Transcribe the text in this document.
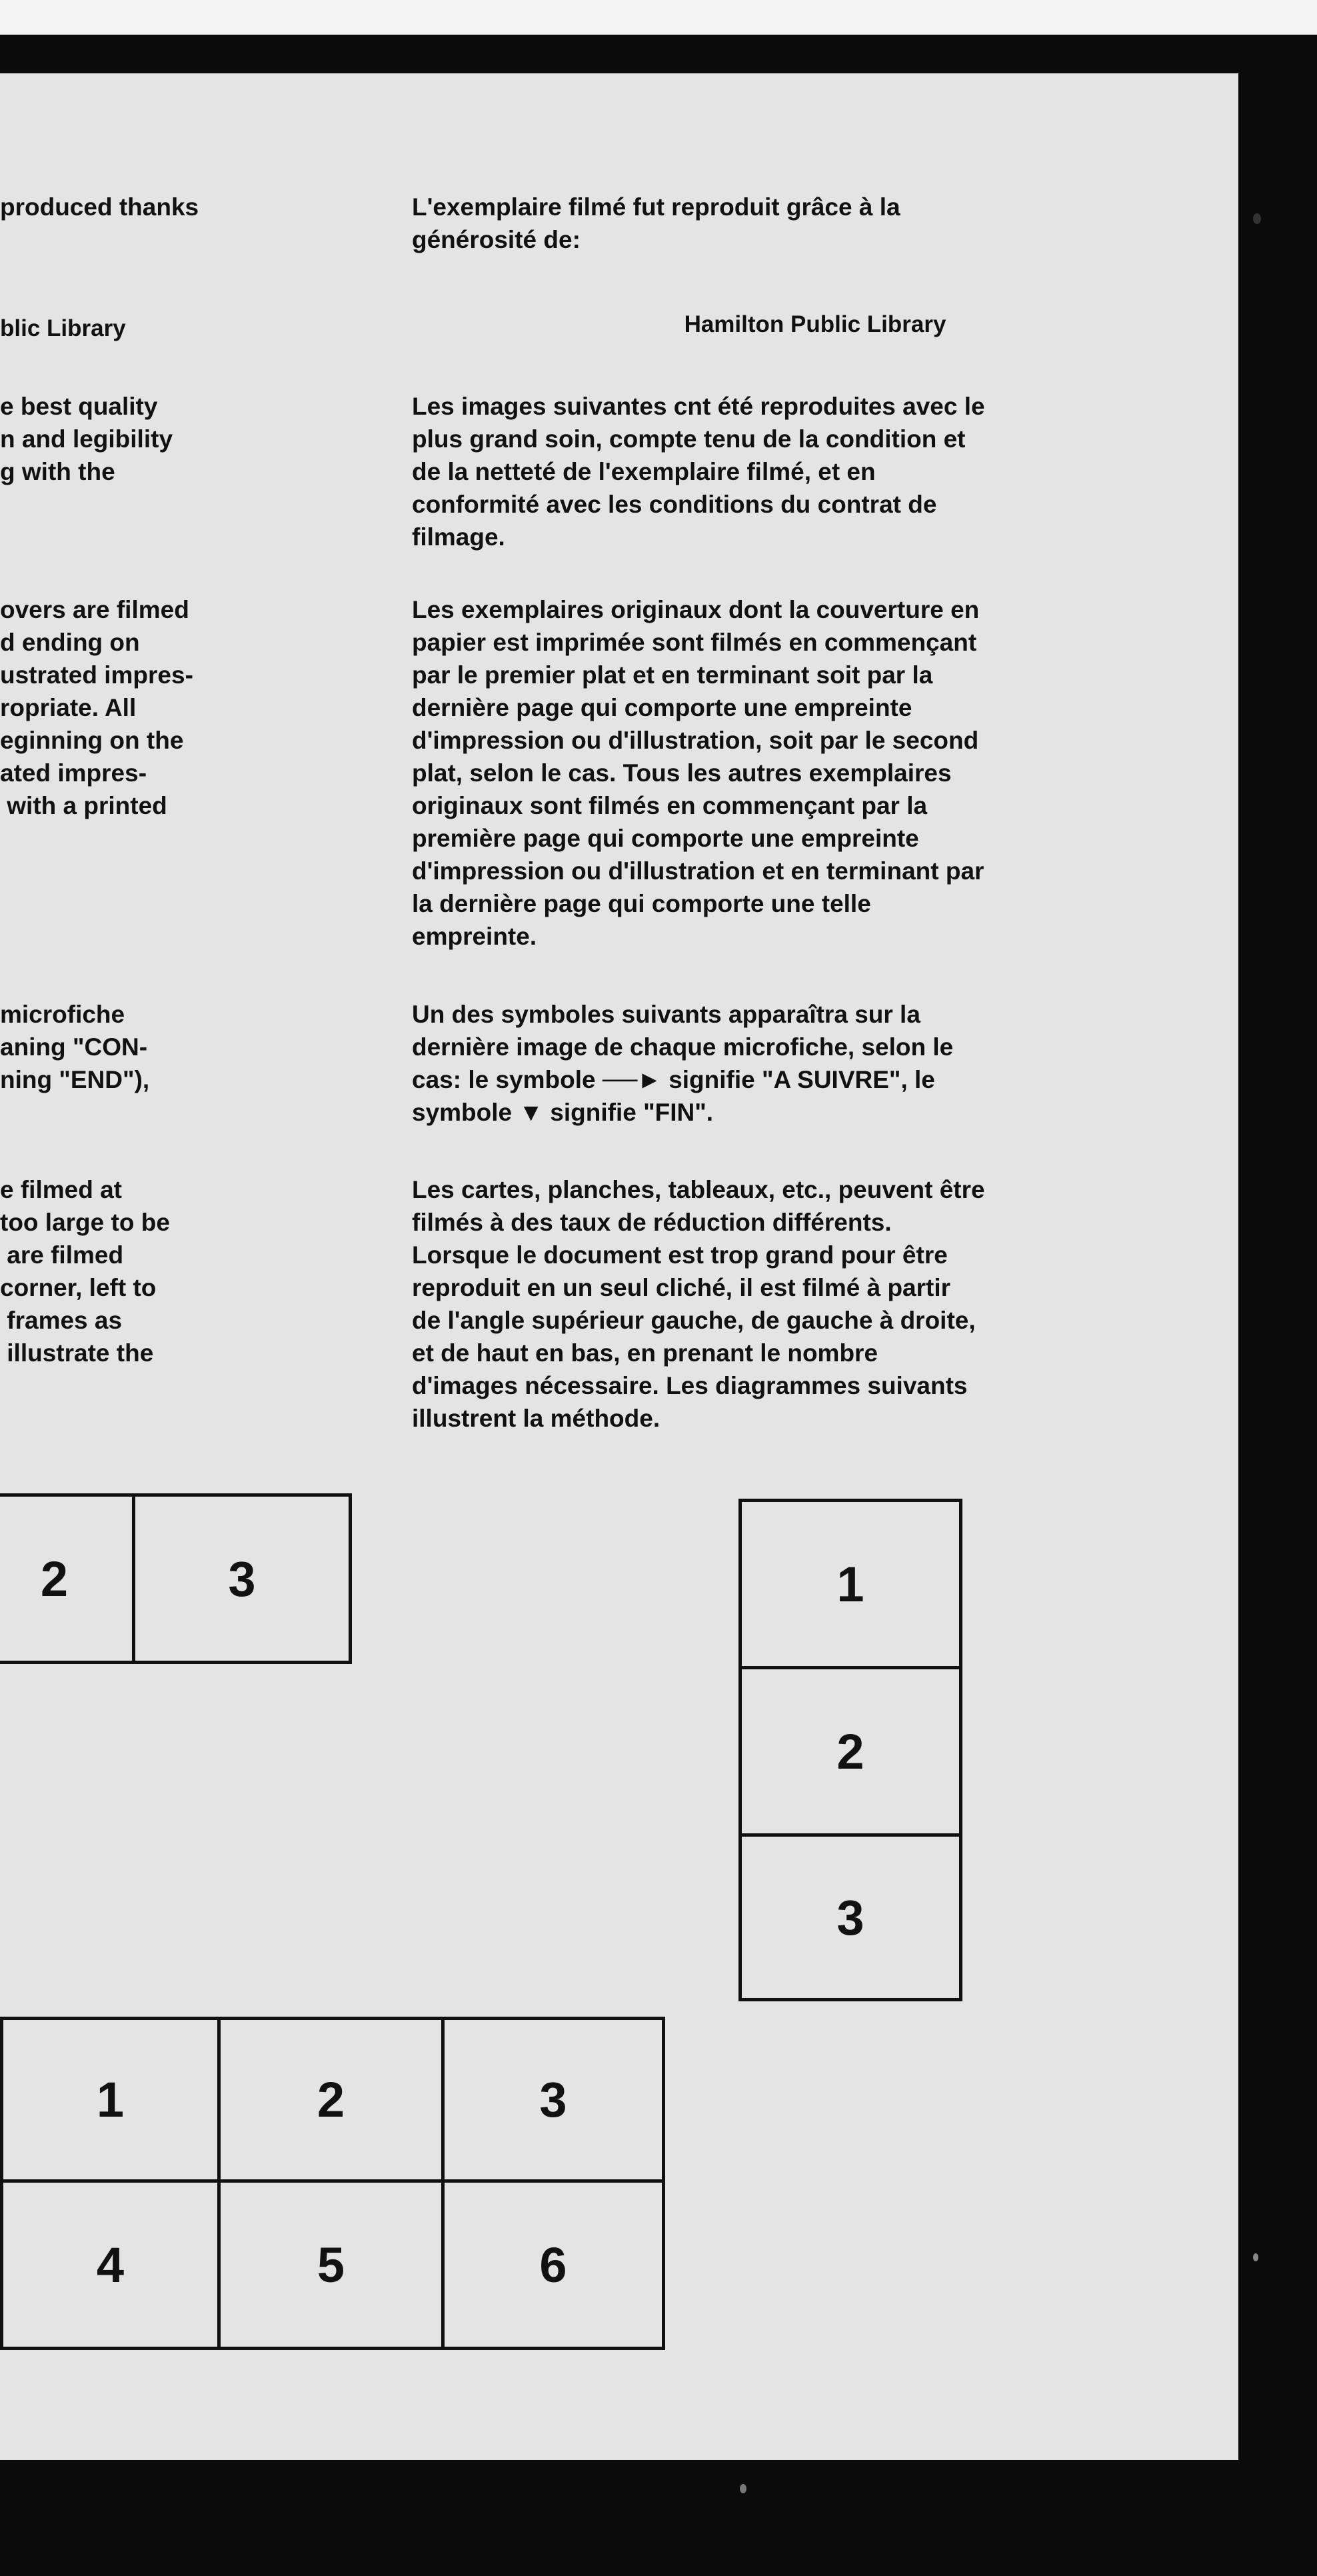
produced thanks

blic Library

e best quality
n and legibility
g with the

overs are filmed
d ending on
ustrated impres-
ropriate. All
eginning on the
ated impres-
with a printed

microfiche
aning "CON-
ning "END"),

e filmed at
too large to be
are filmed
corner, left to
frames as
illustrate the

L'exemplaire filmé fut reproduit grâce à la
générosité de:

Hamilton Public Library

Les images suivantes cnt été reproduites avec le
plus grand soin, compte tenu de la condition et
de la netteté de l'exemplaire filmé, et en
conformité avec les conditions du contrat de
filmage.

Les exemplaires originaux dont la couverture en
papier est imprimée sont filmés en commençant
par le premier plat et en terminant soit par la
dernière page qui comporte une empreinte
d'impression ou d'illustration, soit par le second
plat, selon le cas. Tous les autres exemplaires
originaux sont filmés en commençant par la
première page qui comporte une empreinte
d'impression ou d'illustration et en terminant par
la dernière page qui comporte une telle
empreinte.

Un des symboles suivants apparaîtra sur la
dernière image de chaque microfiche, selon le
cas: le symbole ──► signifie "A SUIVRE", le
symbole ▼ signifie "FIN".

Les cartes, planches, tableaux, etc., peuvent être
filmés à des taux de réduction différents.
Lorsque le document est trop grand pour être
reproduit en un seul cliché, il est filmé à partir
de l'angle supérieur gauche, de gauche à droite,
et de haut en bas, en prenant le nombre
d'images nécessaire. Les diagrammes suivants
illustrent la méthode.

2	3	1
2
3
1	2	3
4	5	6
